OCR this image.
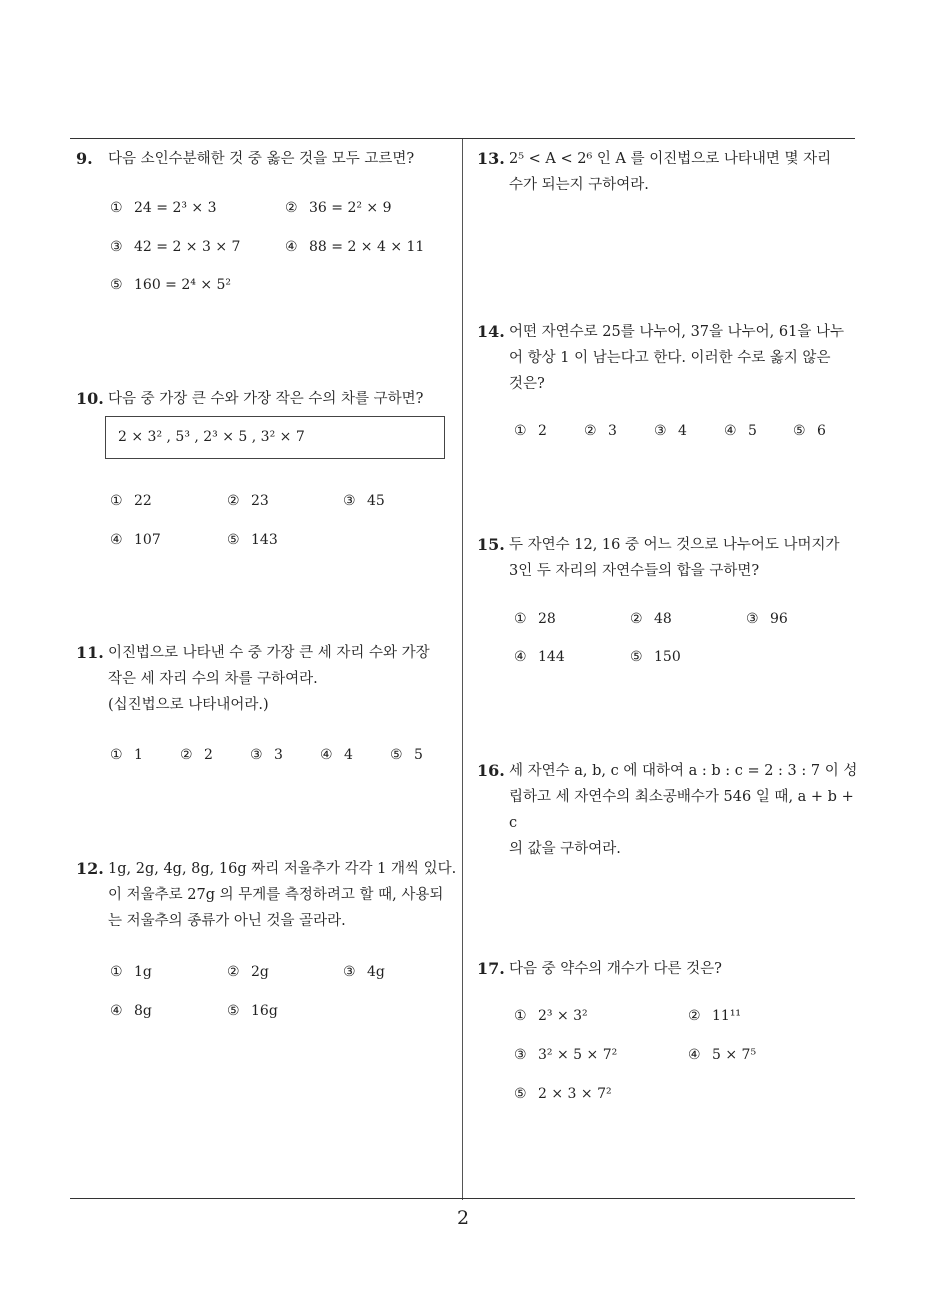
2
9. 다음 소인수분해한 것 중 옳은 것을 모두 고르면?
① 24 = 2³ × 3	② 36 = 2² × 9
③ 42 = 2 × 3 × 7	④ 88 = 2 × 4 × 11
⑤ 160 = 2⁴ × 5²
10. 다음 중 가장 큰 수와 가장 작은 수의 차를 구하면?
2 × 3² , 5³ , 2³ × 5 , 3² × 7
① 22	② 23	③ 45
④ 107	⑤ 143
11. 이진법으로 나타낸 수 중 가장 큰 세 자리 수와 가장
작은 세 자리 수의 차를 구하여라.
(십진법으로 나타내어라.)
① 1	② 2	③ 3	④ 4	⑤ 5
12. 1g, 2g, 4g, 8g, 16g 짜리 저울추가 각각 1 개씩 있다.
이 저울추로 27g 의 무게를 측정하려고 할 때, 사용되
는 저울추의 종류가 아닌 것을 골라라.
① 1g	② 2g	③ 4g
④ 8g	⑤ 16g
13. 2⁵ < A < 2⁶ 인 A 를 이진법으로 나타내면 몇 자리
수가 되는지 구하여라.
14. 어떤 자연수로 25를 나누어, 37을 나누어, 61을 나누
어 항상 1 이 남는다고 한다. 이러한 수로 옳지 않은
것은?
① 2	② 3	③ 4	④ 5	⑤ 6
15. 두 자연수 12, 16 중 어느 것으로 나누어도 나머지가
3인 두 자리의 자연수들의 합을 구하면?
① 28	② 48	③ 96
④ 144	⑤ 150
16. 세 자연수 a, b, c 에 대하여 a : b : c = 2 : 3 : 7 이 성
립하고 세 자연수의 최소공배수가 546 일 때, a + b + c
의 값을 구하여라.
17. 다음 중 약수의 개수가 다른 것은?
① 2³ × 3²	② 11¹¹
③ 3² × 5 × 7²	④ 5 × 7⁵
⑤ 2 × 3 × 7²
